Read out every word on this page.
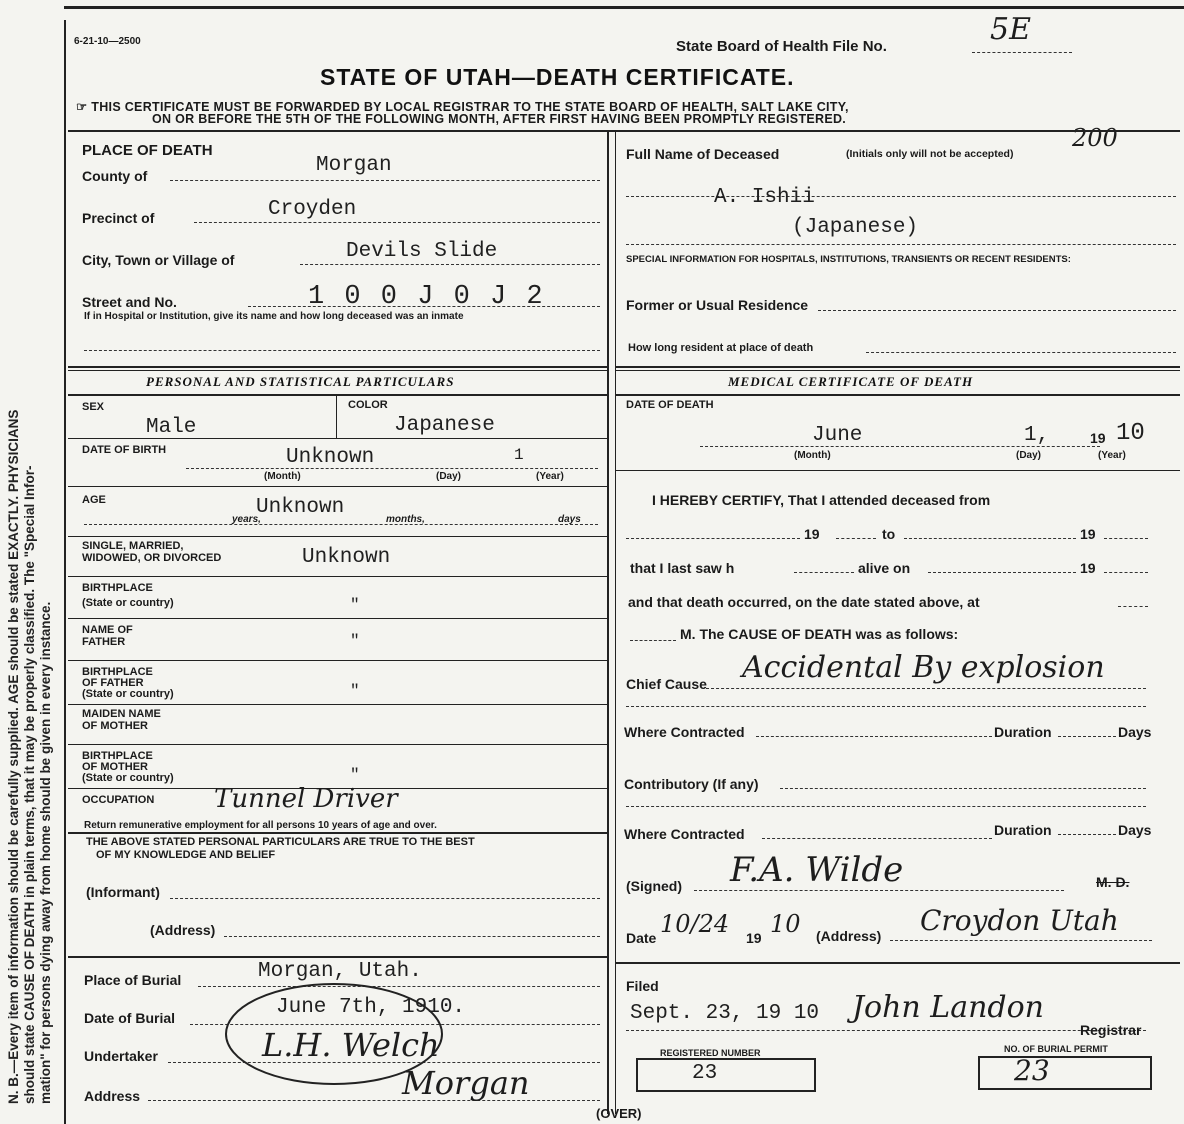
N. B.—Every item of information should be carefully supplied. AGE should be stated EXACTLY. PHYSICIANS should state CAUSE OF DEATH in plain terms, that it may be properly classified. The "Special Infor- mation" for persons dying away from home should be given in every instance.
6-21-10—2500	State Board of Health File No.	5E
STATE OF UTAH—DEATH CERTIFICATE.
☞ THIS CERTIFICATE MUST BE FORWARDED BY LOCAL REGISTRAR TO THE STATE BOARD OF HEALTH, SALT LAKE CITY,
ON OR BEFORE THE 5TH OF THE FOLLOWING MONTH, AFTER FIRST HAVING BEEN PROMPTLY REGISTERED.
200
PLACE OF DEATH
County of	Morgan
Precinct of	Croyden
City, Town or Village of	Devils Slide
Street and No.	1 0 0 J 0 J 2
If in Hospital or Institution, give its name and how long deceased was an inmate
PERSONAL AND STATISTICAL PARTICULARS
SEX	COLOR
Male	Japanese
DATE OF BIRTH	Unknown	1
(Month)	(Day)	(Year)
AGE	Unknown
years,	months,	days
SINGLE, MARRIED,
WIDOWED, OR DIVORCED	Unknown
BIRTHPLACE
(State or country)	"
NAME OF
FATHER	"
BIRTHPLACE
OF FATHER
(State or country)	"
MAIDEN NAME
OF MOTHER
BIRTHPLACE
OF MOTHER
(State or country)	"
OCCUPATION Tunnel Driver
Return remunerative employment for all persons 10 years of age and over.
THE ABOVE STATED PERSONAL PARTICULARS ARE TRUE TO THE BEST
OF MY KNOWLEDGE AND BELIEF
(Informant)
(Address)
Place of Burial	Morgan, Utah.
Date of Burial	June 7th, 1910.
Undertaker	L.H. Welch
Address	Morgan
(OVER)
Full Name of Deceased	(Initials only will not be accepted)
A. Ishii
(Japanese)
SPECIAL INFORMATION FOR HOSPITALS, INSTITUTIONS, TRANSIENTS OR RECENT RESIDENTS:
Former or Usual Residence
How long resident at place of death
MEDICAL CERTIFICATE OF DEATH
DATE OF DEATH
June	1,	19 10
(Month)	(Day)	(Year)
I HEREBY CERTIFY, That I attended deceased from
19	to	19
that I last saw h	alive on	19
and that death occurred, on the date stated above, at
M. The CAUSE OF DEATH was as follows:
Chief Cause Accidental By explosion
Where Contracted	Duration	Days
Contributory (If any)
Where Contracted	Duration	Days
(Signed) F.A. Wilde	M. D.
Date 10/24 19 10 (Address) Croydon Utah
Filed
Sept. 23, 19 10 John Landon
Registrar
REGISTERED NUMBER
23
NO. OF BURIAL PERMIT
23
